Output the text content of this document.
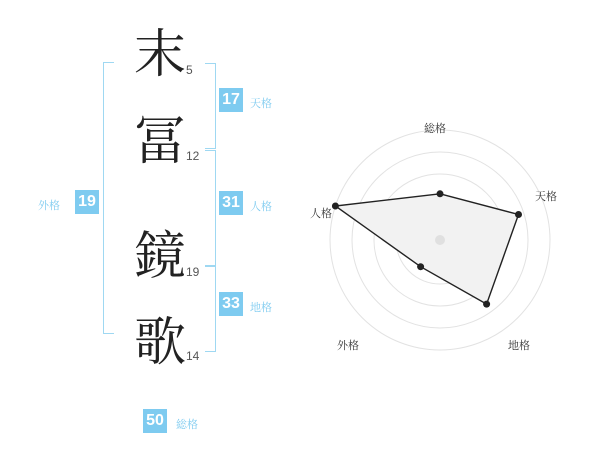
末 5
冨 12
鏡 19
歌 14
17 天格
31 人格
33 地格
19
外格
50 総格
総格
天格
地格
外格
人格
